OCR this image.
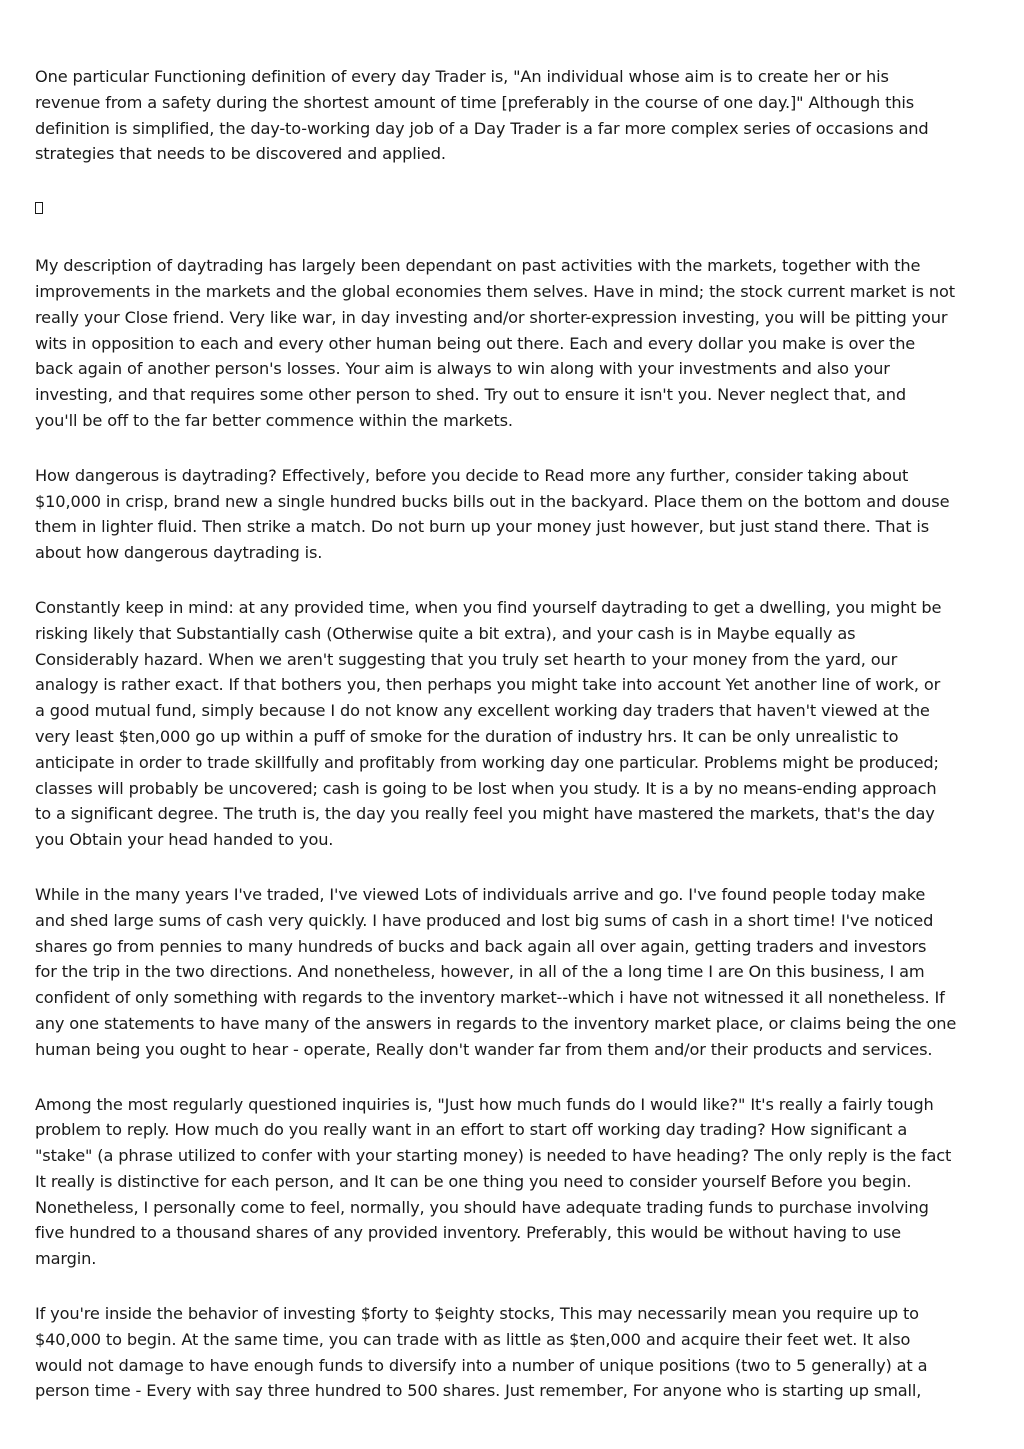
One particular Functioning definition of every day Trader is, "An individual whose aim is to create her or his
revenue from a safety during the shortest amount of time [preferably in the course of one day.]" Although this
definition is simplified, the day-to-working day job of a Day Trader is a far more complex series of occasions and
strategies that needs to be discovered and applied.

My description of daytrading has largely been dependant on past activities with the markets, together with the
improvements in the markets and the global economies them selves. Have in mind; the stock current market is not
really your Close friend. Very like war, in day investing and/or shorter-expression investing, you will be pitting your
wits in opposition to each and every other human being out there. Each and every dollar you make is over the
back again of another person's losses. Your aim is always to win along with your investments and also your
investing, and that requires some other person to shed. Try out to ensure it isn't you. Never neglect that, and
you'll be off to the far better commence within the markets.

How dangerous is daytrading? Effectively, before you decide to Read more any further, consider taking about
$10,000 in crisp, brand new a single hundred bucks bills out in the backyard. Place them on the bottom and douse
them in lighter fluid. Then strike a match. Do not burn up your money just however, but just stand there. That is
about how dangerous daytrading is.

Constantly keep in mind: at any provided time, when you find yourself daytrading to get a dwelling, you might be
risking likely that Substantially cash (Otherwise quite a bit extra), and your cash is in Maybe equally as
Considerably hazard. When we aren't suggesting that you truly set hearth to your money from the yard, our
analogy is rather exact. If that bothers you, then perhaps you might take into account Yet another line of work, or
a good mutual fund, simply because I do not know any excellent working day traders that haven't viewed at the
very least $ten,000 go up within a puff of smoke for the duration of industry hrs. It can be only unrealistic to
anticipate in order to trade skillfully and profitably from working day one particular. Problems might be produced;
classes will probably be uncovered; cash is going to be lost when you study. It is a by no means-ending approach
to a significant degree. The truth is, the day you really feel you might have mastered the markets, that's the day
you Obtain your head handed to you.

While in the many years I've traded, I've viewed Lots of individuals arrive and go. I've found people today make
and shed large sums of cash very quickly. I have produced and lost big sums of cash in a short time! I've noticed
shares go from pennies to many hundreds of bucks and back again all over again, getting traders and investors
for the trip in the two directions. And nonetheless, however, in all of the a long time I are On this business, I am
confident of only something with regards to the inventory market--which i have not witnessed it all nonetheless. If
any one statements to have many of the answers in regards to the inventory market place, or claims being the one
human being you ought to hear - operate, Really don't wander far from them and/or their products and services.

Among the most regularly questioned inquiries is, "Just how much funds do I would like?" It's really a fairly tough
problem to reply. How much do you really want in an effort to start off working day trading? How significant a
"stake" (a phrase utilized to confer with your starting money) is needed to have heading? The only reply is the fact
It really is distinctive for each person, and It can be one thing you need to consider yourself Before you begin.
Nonetheless, I personally come to feel, normally, you should have adequate trading funds to purchase involving
five hundred to a thousand shares of any provided inventory. Preferably, this would be without having to use
margin.

If you're inside the behavior of investing $forty to $eighty stocks, This may necessarily mean you require up to
$40,000 to begin. At the same time, you can trade with as little as $ten,000 and acquire their feet wet. It also
would not damage to have enough funds to diversify into a number of unique positions (two to 5 generally) at a
person time - Every with say three hundred to 500 shares. Just remember, For anyone who is starting up small,
